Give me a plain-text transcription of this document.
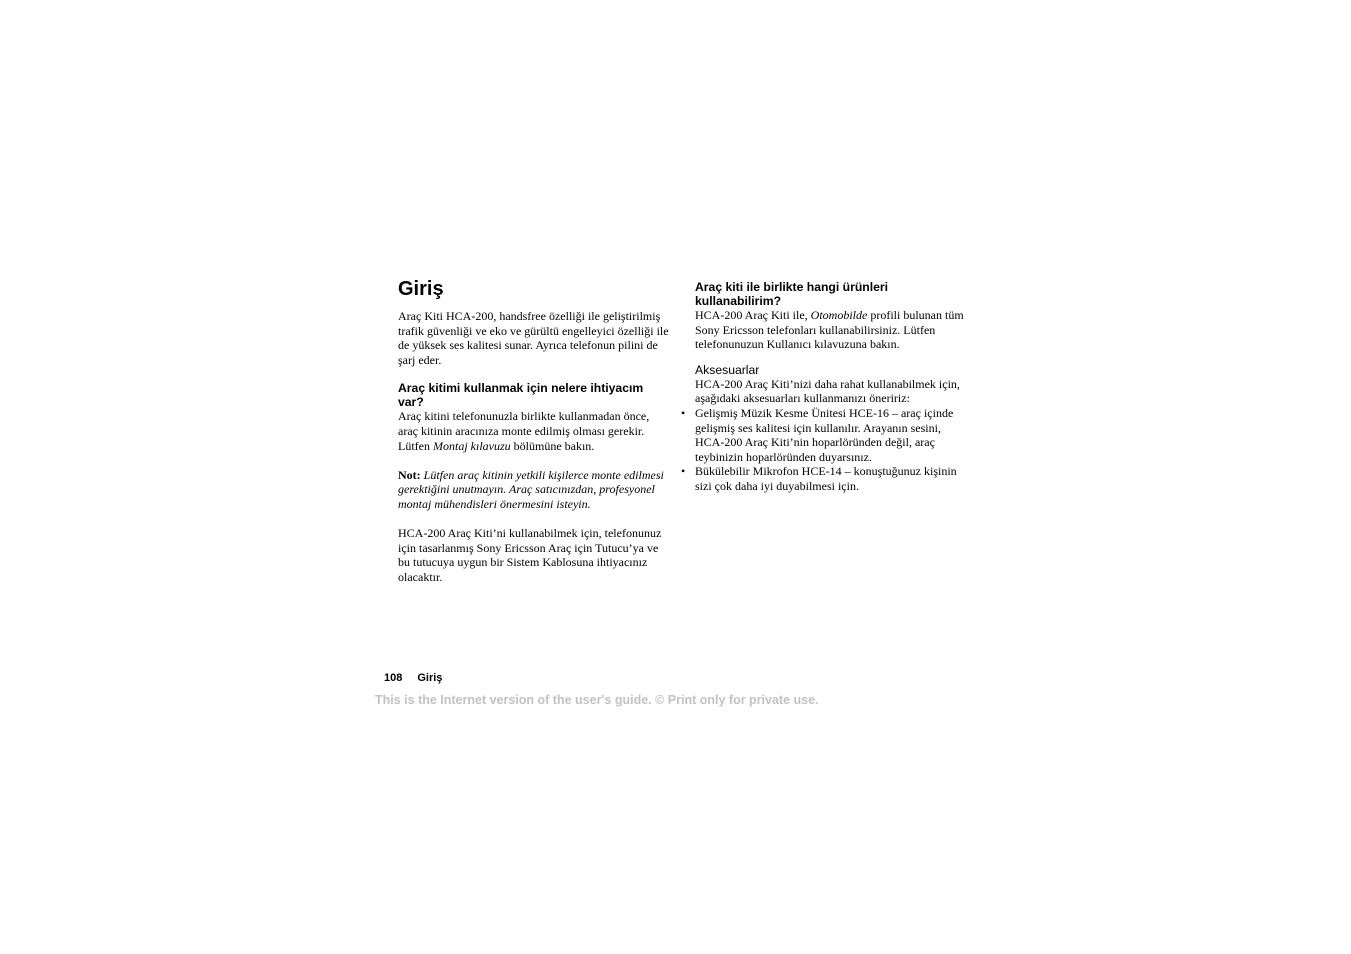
Giriş

Araç Kiti HCA-200, handsfree özelliği ile geliştirilmiş trafik güvenliği ve eko ve gürültü engelleyici özelliği ile de yüksek ses kalitesi sunar. Ayrıca telefonun pilini de şarj eder.

Araç kitimi kullanmak için nelere ihtiyacım var?

Araç kitini telefonunuzla birlikte kullanmadan önce, araç kitinin aracınıza monte edilmiş olması gerekir. Lütfen Montaj kılavuzu bölümüne bakın.

Not: Lütfen araç kitinin yetkili kişilerce monte edilmesi gerektiğini unutmayın. Araç satıcınızdan, profesyonel montaj mühendisleri önermesini isteyin.

HCA-200 Araç Kiti’ni kullanabilmek için, telefonunuz için tasarlanmış Sony Ericsson Araç için Tutucu’ya ve bu tutucuya uygun bir Sistem Kablosuna ihtiyacınız olacaktır.

Araç kiti ile birlikte hangi ürünleri kullanabilirim?

HCA-200 Araç Kiti ile, Otomobilde profili bulunan tüm Sony Ericsson telefonları kullanabilirsiniz. Lütfen telefonunuzun Kullanıcı kılavuzuna bakın.

Aksesuarlar

HCA-200 Araç Kiti’nizi daha rahat kullanabilmek için, aşağıdaki aksesuarları kullanmanızı öneririz:

• Gelişmiş Müzik Kesme Ünitesi HCE-16 – araç içinde gelişmiş ses kalitesi için kullanılır. Arayanın sesini, HCA-200 Araç Kiti’nin hoparlöründen değil, araç teybinizin hoparlöründen duyarsınız.
• Bükülebilir Mikrofon HCE-14 – konuştuğunuz kişinin sizi çok daha iyi duyabilmesi için.
108 Giriş
This is the Internet version of the user's guide. © Print only for private use.
